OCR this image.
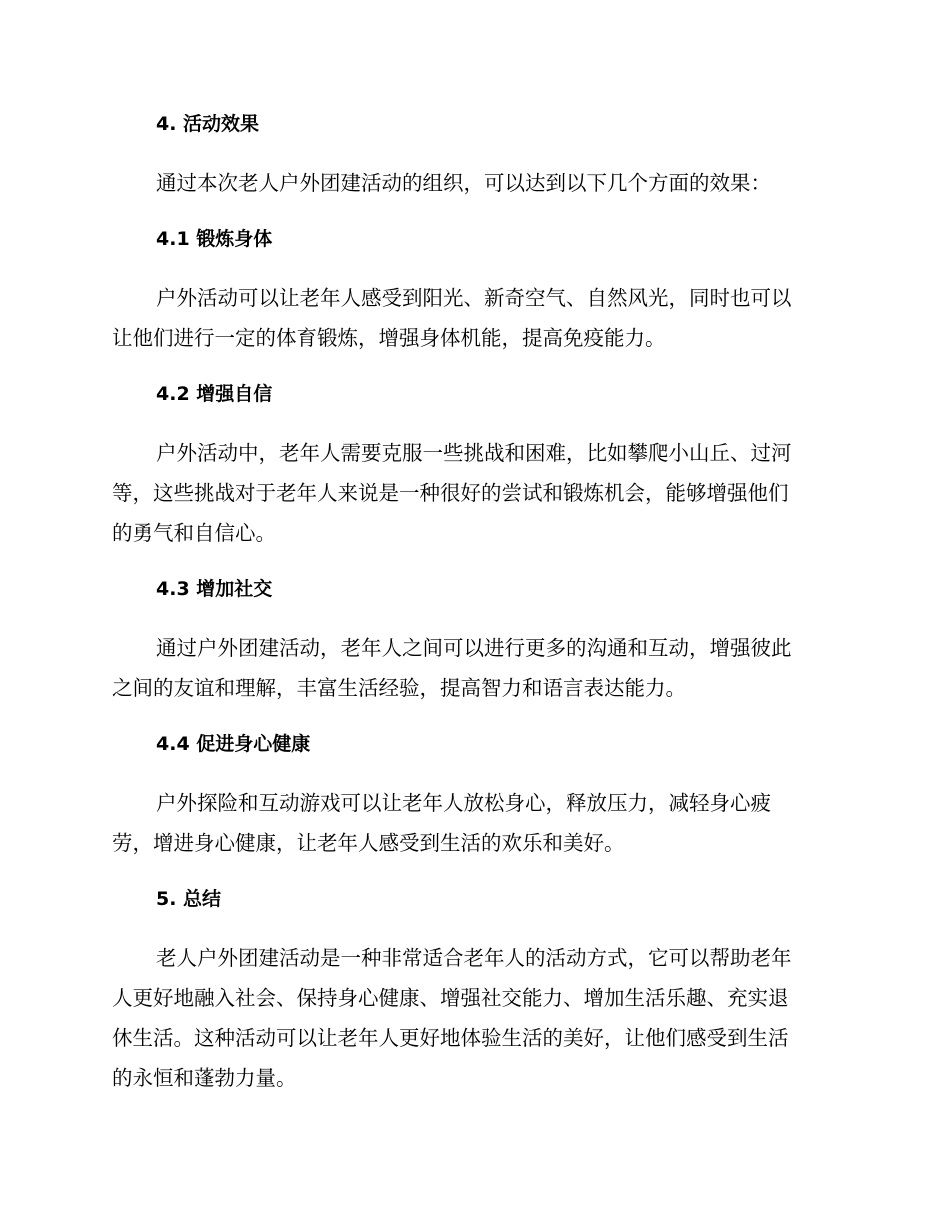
4. 活动效果

通过本次老人户外团建活动的组织，可以达到以下几个方面的效果：

4.1 锻炼身体

户外活动可以让老年人感受到阳光、新奇空气、自然风光，同时也可以
让他们进行一定的体育锻炼，增强身体机能，提高免疫能力。

4.2 增强自信

户外活动中，老年人需要克服一些挑战和困难，比如攀爬小山丘、过河
等，这些挑战对于老年人来说是一种很好的尝试和锻炼机会，能够增强他们
的勇气和自信心。

4.3 增加社交

通过户外团建活动，老年人之间可以进行更多的沟通和互动，增强彼此
之间的友谊和理解，丰富生活经验，提高智力和语言表达能力。

4.4 促进身心健康

户外探险和互动游戏可以让老年人放松身心，释放压力，减轻身心疲
劳，增进身心健康，让老年人感受到生活的欢乐和美好。

5. 总结

老人户外团建活动是一种非常适合老年人的活动方式，它可以帮助老年
人更好地融入社会、保持身心健康、增强社交能力、增加生活乐趣、充实退
休生活。这种活动可以让老年人更好地体验生活的美好，让他们感受到生活
的永恒和蓬勃力量。
